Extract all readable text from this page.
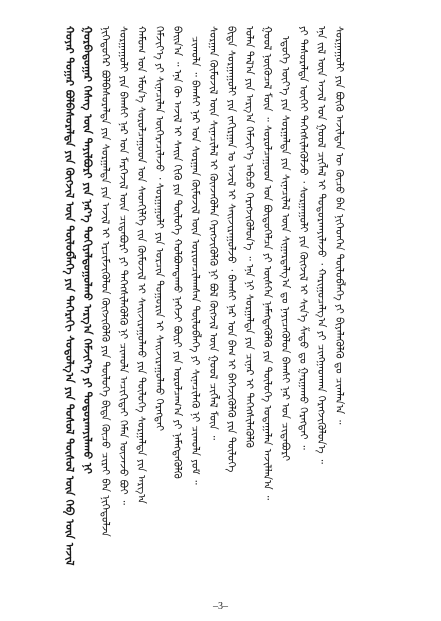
ᠬᠣᠶᠠᠷ ᠳᠤᠭᠠᠷ ᠪᠣᠯᠪᠠᠰᠤᠷᠠᠯᠲᠠ ᠶᠢᠨ ᠬᠥᠭᠵᠢᠯ ᠦᠨ ᠲᠥᠯᠥᠪᠯᠡᠭᠡ ᠶᠢᠨ ᠳᠡᠭᠡᠷᠡᠬᠢ ᠰᠤᠳᠤᠯᠭ᠎ᠠ ᠶᠢᠨ ᠲᠤᠰᠤᠯ ᠲᠦᠰᠦᠯ ᠦᠨ ᠬᠡᠪ ᠦᠨ ᠠᠵᠢᠯ ᠭᠤᠷᠪᠠᠳᠤᠭᠠᠷ ᠬᠡᠰᠡᠭ ᠦᠨ ᠲᠠᠶᠢᠯᠪᠤᠷᠢ ᠶᠢᠨ ᠨᠡᠷ᠎ᠡ ᠲᠣᠬᠢᠶᠠᠯᠳᠤᠭᠤᠯᠬᠤ ᠠᠷᠭ᠎ᠠ ᠬᠡᠮᠵᠢᠶ᠎ᠡ ᠶᠢ ᠲᠣᠳᠤᠷᠬᠠᠶᠢᠯᠠᠬᠤ ᠨᠢ ᠨᠢᠭᠡᠳᠦᠭᠡᠷ ᠪᠣᠯᠪᠠᠰᠤᠷᠠᠯᠲᠠ ᠶᠢᠨ ᠰᠤᠷᠭᠠᠯᠲᠠ ᠶᠢᠨ ᠠᠵᠢᠯ ᠢ ᠡᠷᠴᠢᠮᠵᠢᠭᠦᠯᠦᠨ ᠬᠥᠭᠵᠢᠭᠦᠯᠬᠦ ᠶᠢᠨ ᠲᠥᠯᠥᠭᠡ ᠪᠢᠳᠡ ᠬᠦᠴᠦ ᠴᠢᠷᠠᠢ ᠪᠡᠨ ᠨᠢᠭᠡᠳᠦᠯᠵᠡ ᠰᠤᠷᠭᠠᠭᠤᠯᠢ ᠶᠢᠨ ᠪᠠᠭᠰᠢ ᠨᠠᠷ ᠤᠨ ᠮᠡᠷᠭᠡᠵᠢᠯ ᠦᠨ ᠴᠢᠳᠠᠪᠤᠷᠢ ᠶᠢ ᠳᠡᠭᠡᠭᠰᠢᠯᠡᠭᠦᠯᠬᠦ ᠨᠢ ᠴᠢᠬᠤᠯᠠ ᠠᠴᠢᠬᠢᠲᠠᠢ ᠬᠡᠮᠡᠨ ᠦᠵᠡᠵᠦ ᠪᠣᠢ ᠃ ᠬᠠᠮᠤᠭ ᠤᠨ ᠡᠮᠦᠨ᠎ᠡ ᠰᠤᠷᠤᠯᠴᠠᠭᠤᠳ ᠤᠨ ᠰᠡᠳᠬᠢᠯᠭᠡ ᠵᠢᠨ ᠬᠥᠮᠦᠵᠢᠯ ᠢ ᠰᠠᠢᠵᠢᠷᠠᠭᠤᠯᠬᠤ ᠶᠢᠨ ᠲᠥᠯᠥᠭᠡ ᠰᠤᠷᠭᠠᠯᠲᠠ ᠶᠢᠨ ᠠᠷᠭ᠎ᠠ ᠬᠡᠮᠵᠢᠶ᠎ᠡ ᠶᠢ ᠰᠢᠨᠡᠴᠢᠯᠡᠨ ᠥᠭᠡᠷᠡᠴᠢᠯᠡᠵᠦ ᠂ ᠰᠤᠷᠭᠠᠭᠤᠯᠢ ᠶᠢᠨ ᠣᠷᠴᠢᠨ ᠲᠣᠭᠣᠷᠢᠨ ᠢ ᠰᠠᠢᠵᠢᠷᠠᠭᠤᠯᠬᠤ ᠬᠡᠷᠡᠭᠲᠡᠢ ᠪᠠᠢᠨ᠎ᠠ ᠃ ᠡᠨᠡ ᠬᠦ ᠠᠵᠢᠯ ᠢ ᠰᠠᠢᠨ ᠬᠢᠬᠦ ᠶᠢᠨ ᠲᠥᠯᠥᠭᠡ ᠬᠣᠯᠪᠣᠭᠳᠠᠬᠤ ᠨᠡᠭᠡᠵᠢ ᠪᠥᠷᠢ ᠶᠢᠨ ᠣᠷᠤᠯᠴᠠᠭ᠎ᠠ ᠶᠢ ᠨᠡᠮᠡᠭᠳᠡᠭᠦᠯᠬᠦ ᠴᠢᠬᠤᠯᠠ ᠃ ᠪᠠᠭᠰᠢ ᠨᠠᠷ ᠤᠨ ᠰᠤᠷᠭᠠᠨ ᠬᠦᠮᠦᠵᠢᠯ ᠦᠨ ᠤᠷᠢᠳᠴᠢᠯᠠᠭᠰᠠᠨ ᠲᠥᠯᠥᠪᠯᠡᠭᠡ ᠶᠢ ᠰᠢᠨᠡᠴᠢᠯᠡᠬᠦ ᠨᠢ ᠴᠢᠬᠤᠯᠠ ᠶᠤᠮ ᠃ ᠰᠤᠷᠭᠠᠨ ᠬᠦᠮᠦᠵᠢᠯ ᠦᠨ ᠰᠢᠨᠡᠴᠢᠯᠡᠯ ᠢ ᠭᠦᠨᠵᠡᠭᠦᠯᠡᠨ ᠬᠡᠷᠡᠭᠵᠢᠭᠦᠯᠬᠦ ᠨᠢ ᠪᠣᠯ ᠬᠥᠭᠵᠢᠯ ᠦᠨ ᠭᠣᠣᠯ ᠴᠢᠭᠯᠡᠯ ᠮᠥᠨ ᠃ ᠪᠢᠳᠡ ᠰᠤᠷᠭᠠᠭᠤᠯᠢ ᠶᠢᠨ ᠵᠠᠬᠢᠷᠭᠠᠨ ᠤ ᠠᠵᠢᠯ ᠢ ᠰᠠᠢᠵᠢᠷᠠᠭᠤᠯᠵᠤ ᠂ ᠪᠠᠭᠰᠢ ᠨᠠᠷ ᠤᠨ ᠪᠠᠭ ᠢ ᠪᠡᠭᠡᠵᠢᠭᠦᠯᠬᠦ ᠶᠢᠨ ᠲᠥᠯᠥᠭᠡ ᠣᠯᠠᠨ ᠲᠠᠯ᠎ᠠ ᠶᠢᠨ ᠠᠷᠭ᠎ᠠ ᠬᠡᠮᠵᠢᠶ᠎ᠡ ᠠᠪᠴᠤ ᠬᠡᠷᠡᠭᠵᠢᠭᠦᠯᠦᠨ᠎ᠡ ᠃ ᠡᠨᠡ ᠨᠢ ᠰᠤᠷᠭᠠᠯᠲᠠ ᠶᠢᠨ ᠴᠢᠨᠠᠷ ᠢ ᠳᠡᠭᠡᠭᠰᠢᠯᠡᠭᠦᠯᠬᠦ ᠭᠣᠣᠯ ᠨᠥᠬᠦᠴᠡᠯ ᠮᠥᠨ ᠃ ᠰᠤᠷᠤᠯᠴᠠᠭᠤᠳ ᠤᠨ ᠪᠦᠲᠦᠭᠡᠯᠴᠡ ᠶᠢ ᠥᠰᠬᠡᠨ ᠨᠡᠮᠡᠭᠳᠡᠭᠦᠯᠬᠦ ᠶᠢᠨ ᠲᠥᠯᠥᠭᠡ ᠤᠳᠠᠭᠠᠯᠠᠨ ᠠᠵᠢᠯᠯᠠᠨ᠎ᠠ ᠃ ᠡᠳᠦᠭᠡ ᠦᠶ᠎ᠡ ᠶᠢᠨ ᠰᠤᠷᠭᠠᠯᠲᠠ ᠶᠢᠨ ᠰᠢᠨᠡᠴᠢᠯᠡᠯ ᠦᠨ ᠰᠢᠭᠠᠷᠳᠠᠯᠭ᠎ᠠ ᠳᠤ ᠨᠡᠶᠢᠴᠡᠭᠦᠯᠦᠨ ᠪᠠᠭᠰᠢ ᠨᠠᠷ ᠤᠨ ᠴᠢᠳᠠᠪᠤᠷᠢ ᠶᠢ ᠲᠠᠰᠤᠷᠠᠯᠲᠠ ᠦᠭᠡᠢ ᠳᠡᠭᠡᠭᠰᠢᠯᠡᠭᠦᠯᠵᠦ ᠂ ᠰᠤᠷᠭᠠᠭᠤᠯᠢ ᠶᠢᠨ ᠬᠥᠭᠵᠢᠯ ᠢ ᠰᠢᠨ᠎ᠡ ᠱᠠᠲᠤ ᠳᠤ ᠭᠠᠷᠭᠠᠬᠤ ᠬᠡᠷᠡᠭᠲᠡᠢ ᠃ ᠡᠨᠡ ᠵᠢᠯ ᠦᠨ ᠠᠵᠢᠯ ᠤᠨ ᠭᠣᠣᠯ ᠴᠢᠭᠯᠡᠯ ᠢ ᠲᠣᠳᠤᠷᠬᠠᠶᠢᠯᠠᠵᠤ ᠂ ᠬᠠᠷᠢᠭᠤᠴᠠᠯᠭ᠎ᠠ ᠶᠢ ᠴᠢᠩᠭᠠᠳᠭᠠᠨ ᠬᠡᠷᠡᠭᠵᠢᠭᠦᠯᠦᠨ᠎ᠡ ᠃ ᠰᠤᠷᠭᠠᠭᠤᠯᠢ ᠶᠢᠨ ᠪᠦᠬᠦ ᠠᠵᠢᠯᠲᠠᠨ ᠦ ᠬᠦᠴᠦ ᠪᠡᠨ ᠨᠢᠭᠡᠳᠬᠡᠨ ᠲᠥᠯᠥᠪᠯᠡᠭᠡ ᠶᠢ ᠪᠢᠶᠡᠯᠡᠭᠦᠯᠬᠦ ᠳᠤ ᠴᠢᠭᠯᠠᠨ᠎ᠠ ᠃
–3–
